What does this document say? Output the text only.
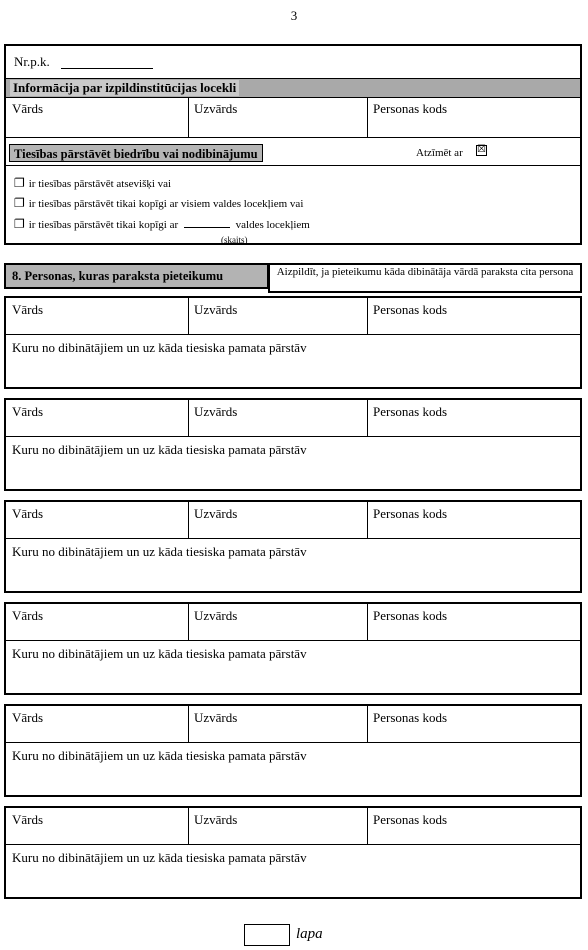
3
Nr.p.k.
Informācija par izpildinstitūcijas locekli
Vārds	Uzvārds	Personas kods
Tiesības pārstāvēt biedrību vai nodibinājumu	Atzīmēt ar ☒
❐ ir tiesības pārstāvēt atsevišķi vai
❐ ir tiesības pārstāvēt tikai kopīgi ar visiem valdes locekļiem vai
❐ ir tiesības pārstāvēt tikai kopīgi ar	valdes locekļiem
(skaits)
8. Personas, kuras paraksta pieteikumu	Aizpildīt, ja pieteikumu kāda dibinātāja vārdā paraksta cita persona
Vārds	Uzvārds	Personas kods
Kuru no dibinātājiem un uz kāda tiesiska pamata pārstāv
Vārds	Uzvārds	Personas kods
Kuru no dibinātājiem un uz kāda tiesiska pamata pārstāv
Vārds	Uzvārds	Personas kods
Kuru no dibinātājiem un uz kāda tiesiska pamata pārstāv
Vārds	Uzvārds	Personas kods
Kuru no dibinātājiem un uz kāda tiesiska pamata pārstāv
Vārds	Uzvārds	Personas kods
Kuru no dibinātājiem un uz kāda tiesiska pamata pārstāv
Vārds	Uzvārds	Personas kods
Kuru no dibinātājiem un uz kāda tiesiska pamata pārstāv
lapa
